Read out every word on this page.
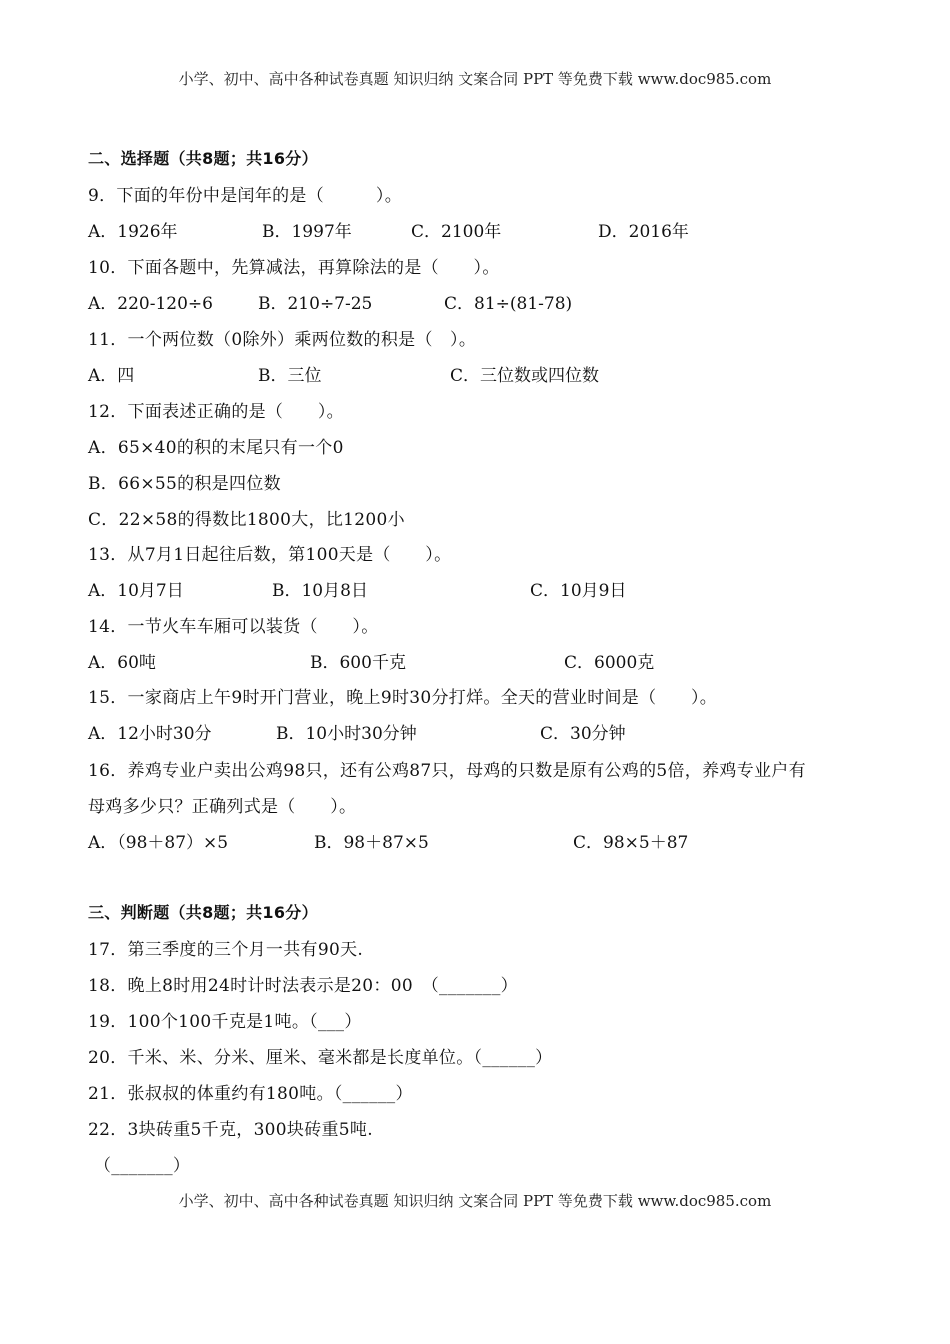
小学、初中、高中各种试卷真题 知识归纳 文案合同 PPT 等免费下载 www.doc985.com
二、选择题（共8题；共16分）
9．下面的年份中是闰年的是（　　　）。
A．1926年	B．1997年	C．2100年	D．2016年
10．下面各题中，先算减法，再算除法的是（　　）。
A．220-120÷6	B．210÷7-25	C．81÷(81-78)
11．一个两位数（0除外）乘两位数的积是（　）。
A．四	B．三位	C．三位数或四位数
12．下面表述正确的是（　　）。
A．65×40的积的末尾只有一个0
B．66×55的积是四位数
C．22×58的得数比1800大，比1200小
13．从7月1日起往后数，第100天是（　　）。
A．10月7日	B．10月8日	C．10月9日
14．一节火车车厢可以装货（　　）。
A．60吨	B．600千克	C．6000克
15．一家商店上午9时开门营业，晚上9时30分打烊。全天的营业时间是（　　）。
A．12小时30分	B．10小时30分钟	C．30分钟
16．养鸡专业户卖出公鸡98只，还有公鸡87只，母鸡的只数是原有公鸡的5倍，养鸡专业户有
母鸡多少只？正确列式是（　　）。
A．（98＋87）×5	B．98＋87×5	C．98×5＋87
三、判断题（共8题；共16分）
17．第三季度的三个月一共有90天.
18．晚上8时用24时计时法表示是20：00　（_______）
19．100个100千克是1吨。（___）
20．千米、米、分米、厘米、毫米都是长度单位。（______）
21．张叔叔的体重约有180吨。（______）
22．3块砖重5千克，300块砖重5吨.
（_______）
小学、初中、高中各种试卷真题 知识归纳 文案合同 PPT 等免费下载 www.doc985.com
